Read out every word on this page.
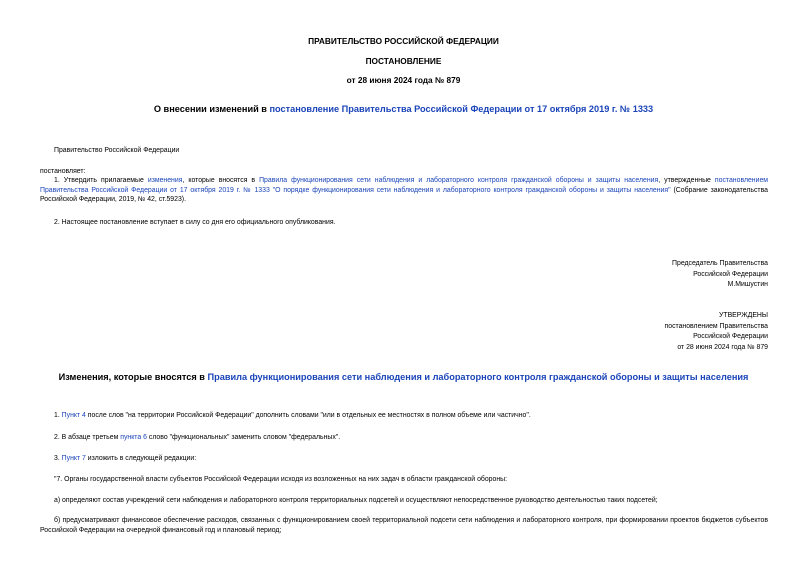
ПРАВИТЕЛЬСТВО РОССИЙСКОЙ ФЕДЕРАЦИИ
ПОСТАНОВЛЕНИЕ
от 28 июня 2024 года № 879
О внесении изменений в постановление Правительства Российской Федерации от 17 октября 2019 г. № 1333
Правительство Российской Федерации
постановляет:
1. Утвердить прилагаемые изменения, которые вносятся в Правила функционирования сети наблюдения и лабораторного контроля гражданской обороны и защиты населения, утвержденные постановлением Правительства Российской Федерации от 17 октября 2019 г. № 1333 "О порядке функционирования сети наблюдения и лабораторного контроля гражданской обороны и защиты населения" (Собрание законодательства Российской Федерации, 2019, № 42, ст.5923).
2. Настоящее постановление вступает в силу со дня его официального опубликования.
Председатель Правительства
Российской Федерации
М.Мишустин
УТВЕРЖДЕНЫ
постановлением Правительства
Российской Федерации
от 28 июня 2024 года № 879
Изменения, которые вносятся в Правила функционирования сети наблюдения и лабораторного контроля гражданской обороны и защиты населения
1. Пункт 4 после слов "на территории Российской Федерации" дополнить словами "или в отдельных ее местностях в полном объеме или частично".
2. В абзаце третьем пункта 6 слово "функциональных" заменить словом "федеральных".
3. Пункт 7 изложить в следующей редакции:
"7. Органы государственной власти субъектов Российской Федерации исходя из возложенных на них задач в области гражданской обороны:
а) определяют состав учреждений сети наблюдения и лабораторного контроля территориальных подсетей и осуществляют непосредственное руководство деятельностью таких подсетей;
б) предусматривают финансовое обеспечение расходов, связанных с функционированием своей территориальной подсети сети наблюдения и лабораторного контроля, при формировании проектов бюджетов субъектов Российской Федерации на очередной финансовый год и плановый период;
